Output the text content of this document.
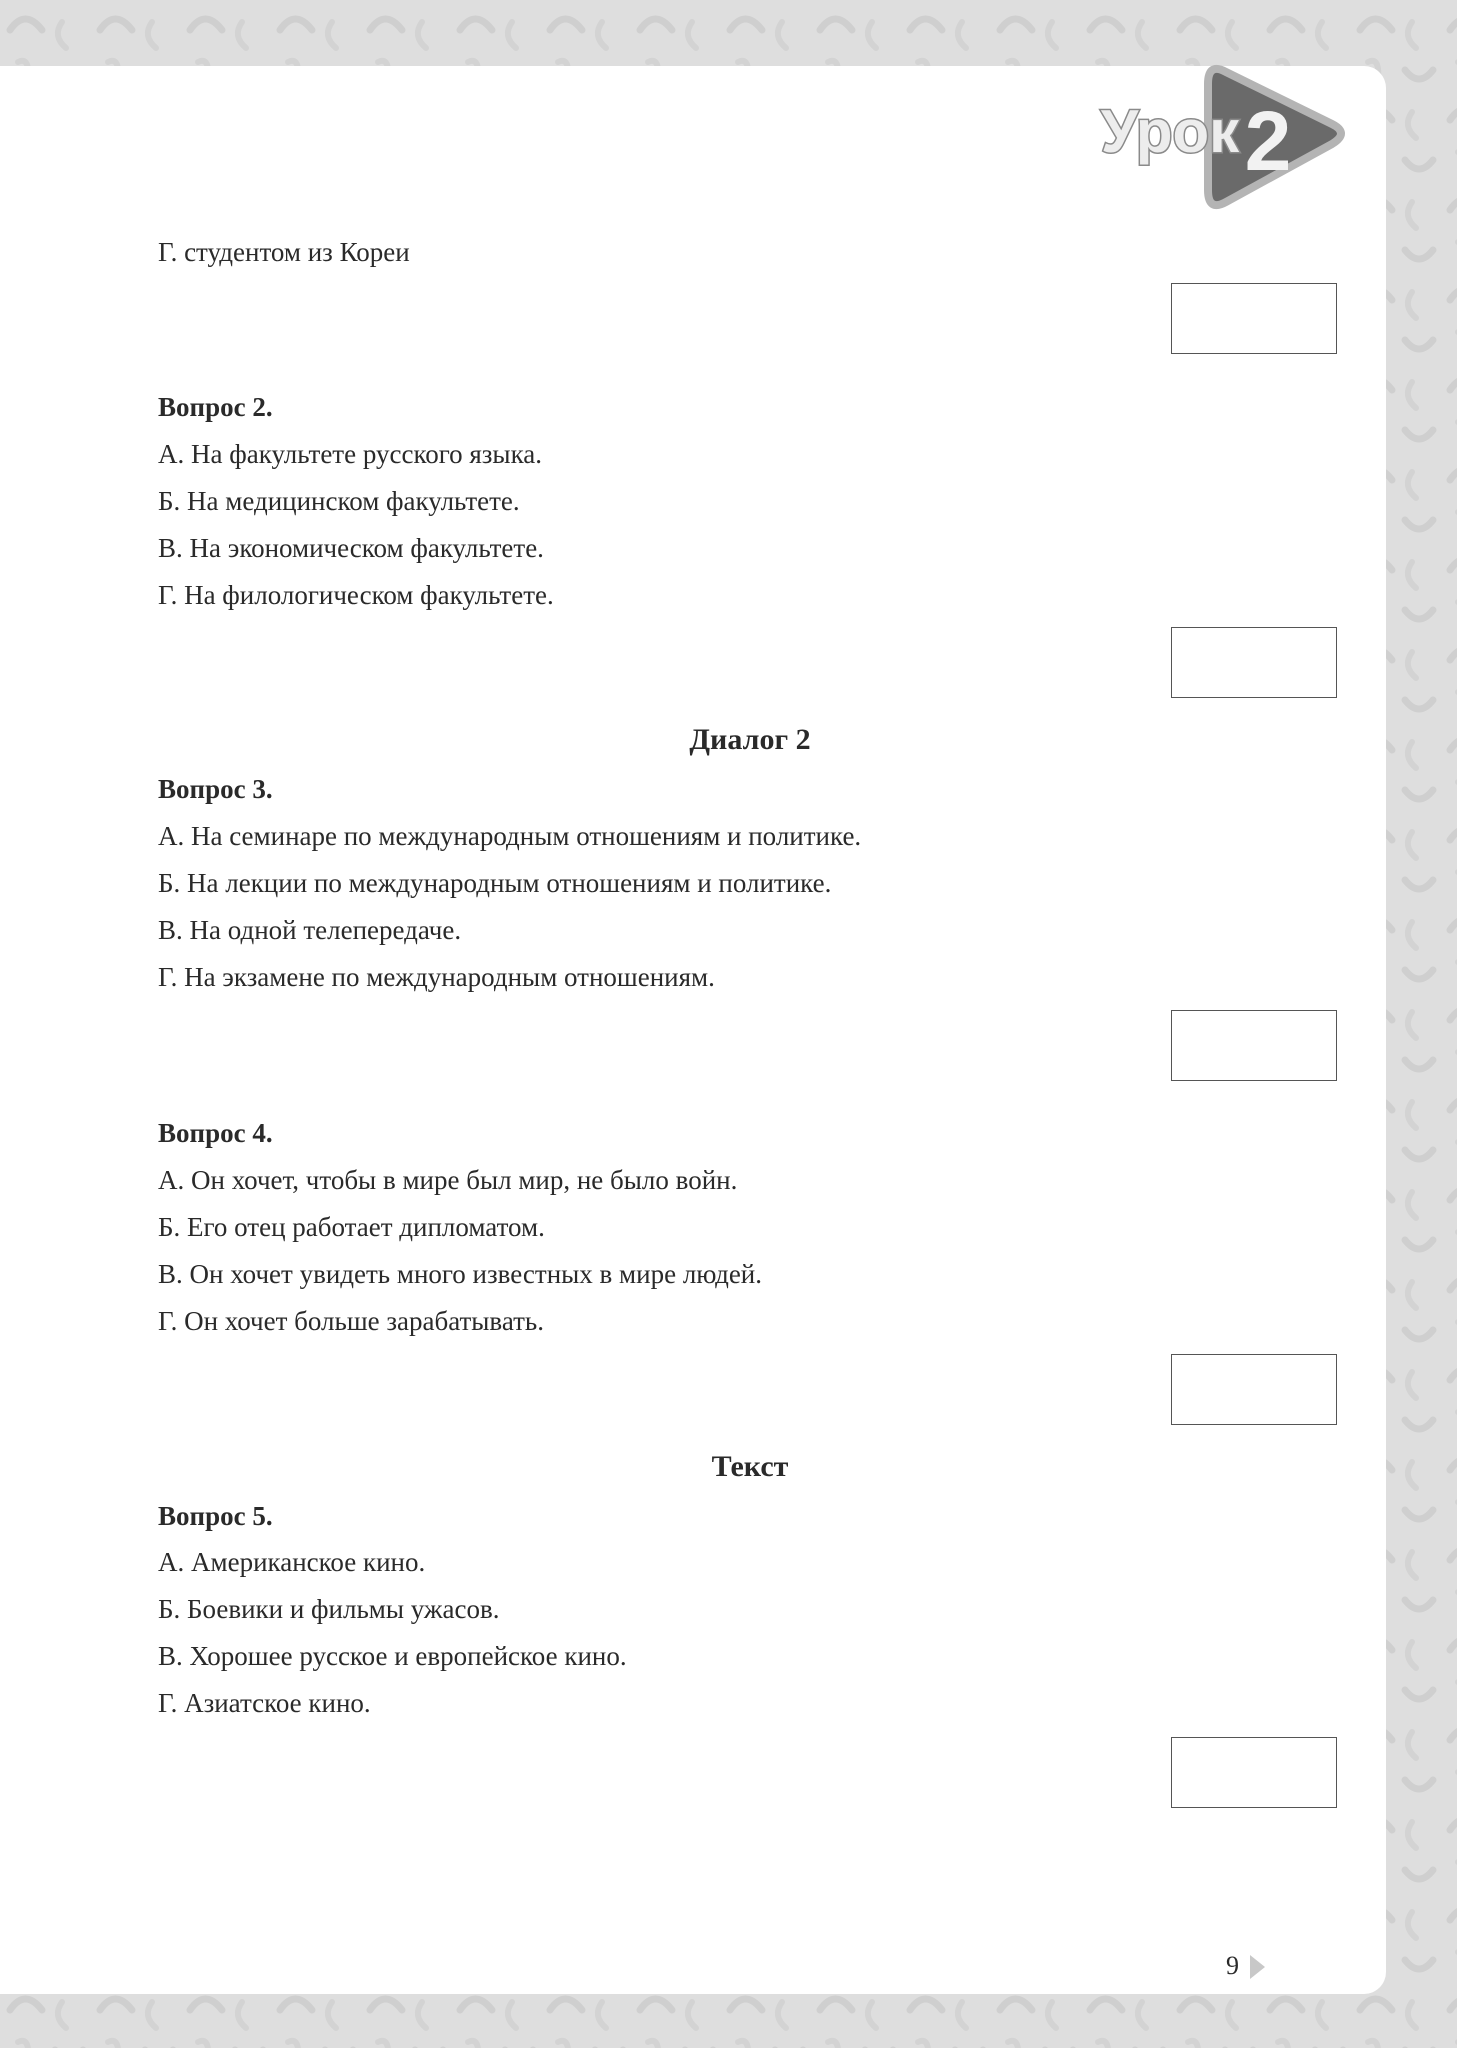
Урок 2
Г. студентом из Кореи
Вопрос 2.
А. На факультете русского языка.
Б. На медицинском факультете.
В. На экономическом факультете.
Г. На филологическом факультете.
Диалог 2
Вопрос 3.
А. На семинаре по международным отношениям и политике.
Б. На лекции по международным отношениям и политике.
В. На одной телепередаче.
Г. На экзамене по международным отношениям.
Вопрос 4.
А. Он хочет, чтобы в мире был мир, не было войн.
Б. Его отец работает дипломатом.
В. Он хочет увидеть много известных в мире людей.
Г. Он хочет больше зарабатывать.
Текст
Вопрос 5.
А. Американское кино.
Б. Боевики и фильмы ужасов.
В. Хорошее русское и европейское кино.
Г. Азиатское кино.
9
